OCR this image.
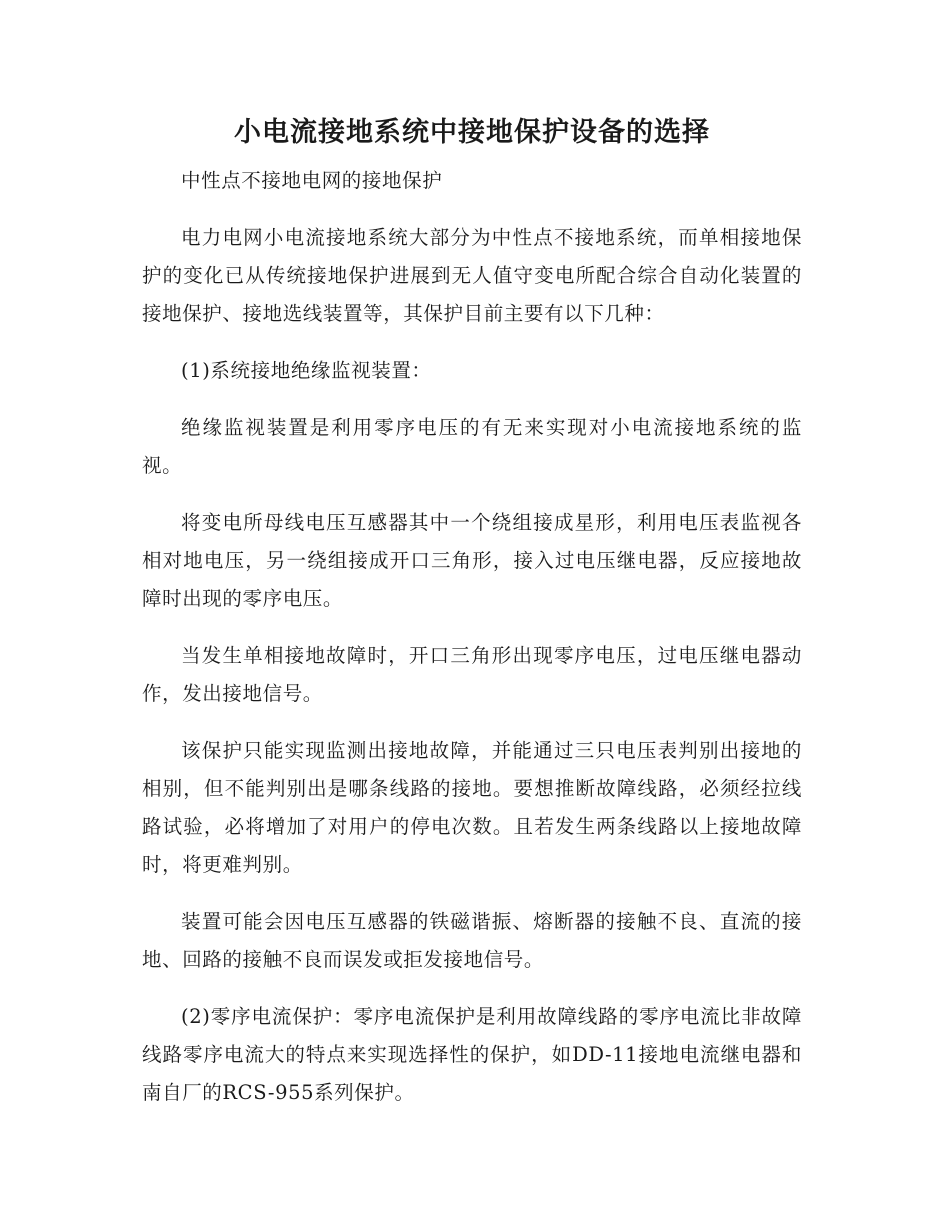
小电流接地系统中接地保护设备的选择

中性点不接地电网的接地保护

电力电网小电流接地系统大部分为中性点不接地系统，而单相接地保护的变化已从传统接地保护进展到无人值守变电所配合综合自动化装置的接地保护、接地选线装置等，其保护目前主要有以下几种：

(1)系统接地绝缘监视装置：

绝缘监视装置是利用零序电压的有无来实现对小电流接地系统的监视。

将变电所母线电压互感器其中一个绕组接成星形，利用电压表监视各相对地电压，另一绕组接成开口三角形，接入过电压继电器，反应接地故障时出现的零序电压。

当发生单相接地故障时，开口三角形出现零序电压，过电压继电器动作，发出接地信号。

该保护只能实现监测出接地故障，并能通过三只电压表判别出接地的相别，但不能判别出是哪条线路的接地。要想推断故障线路，必须经拉线路试验，必将增加了对用户的停电次数。且若发生两条线路以上接地故障时，将更难判别。

装置可能会因电压互感器的铁磁谐振、熔断器的接触不良、直流的接地、回路的接触不良而误发或拒发接地信号。

(2)零序电流保护：零序电流保护是利用故障线路的零序电流比非故障线路零序电流大的特点来实现选择性的保护，如DD-11接地电流继电器和南自厂的RCS-955系列保护。
